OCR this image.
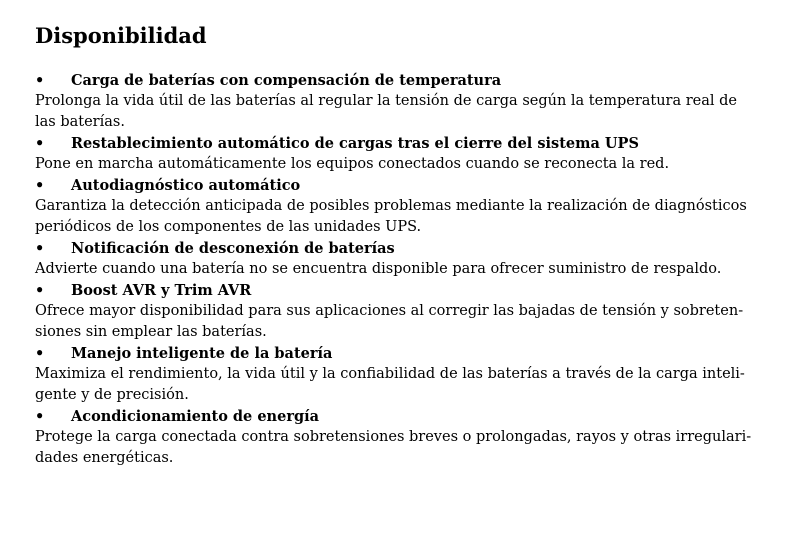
Disponibilidad
•	Carga de baterías con compensación de temperatura

Prolonga la vida útil de las baterías al regular la tensión de carga según la temperatura real de las baterías.

•	Restablecimiento automático de cargas tras el cierre del sistema UPS

Pone en marcha automáticamente los equipos conectados cuando se reconecta la red.

•	Autodiagnóstico automático

Garantiza la detección anticipada de posibles problemas mediante la realización de diagnósticos periódicos de los componentes de las unidades UPS.

•	Notificación de desconexión de baterías

Advierte cuando una batería no se encuentra disponible para ofrecer suministro de respaldo.

•	Boost AVR y Trim AVR

Ofrece mayor disponibilidad para sus aplicaciones al corregir las bajadas de tensión y sobretensiones sin emplear las baterías.

•	Manejo inteligente de la batería

Maximiza el rendimiento, la vida útil y la confiabilidad de las baterías a través de la carga inteligente y de precisión.

•	Acondicionamiento de energía

Protege la carga conectada contra sobretensiones breves o prolongadas, rayos y otras irregularidades energéticas.
